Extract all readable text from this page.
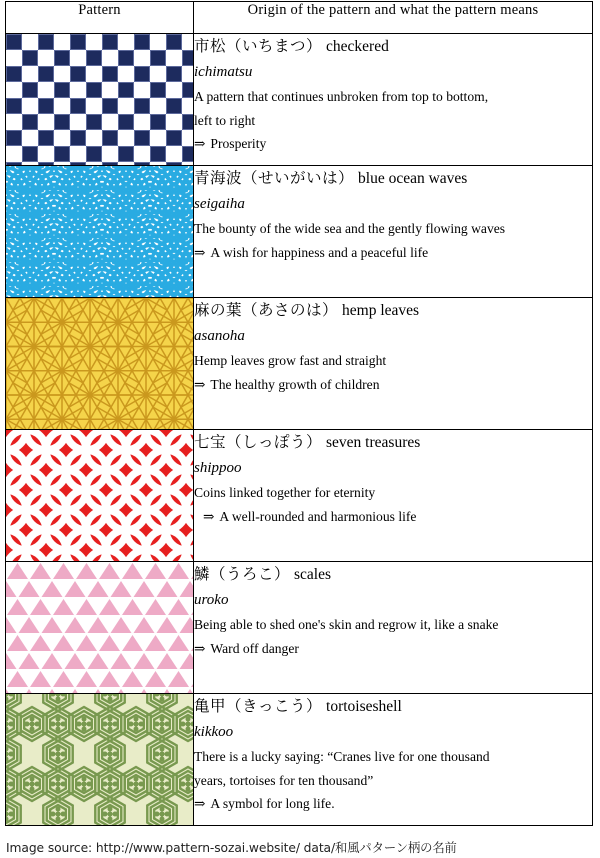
Pattern	Origin of the pattern and what the pattern means

	市松（いちまつ） checkered
ichimatsu
A pattern that continues unbroken from top to bottom,
left to right
⇒ Prosperity

	青海波（せいがいは） blue ocean waves
seigaiha
The bounty of the wide sea and the gently flowing waves
⇒ A wish for happiness and a peaceful life

	麻の葉（あさのは） hemp leaves
asanoha
Hemp leaves grow fast and straight
⇒ The healthy growth of children

	七宝（しっぽう） seven treasures
shippoo
Coins linked together for eternity
⇒ A well-rounded and harmonious life

	鱗（うろこ） scales
uroko
Being able to shed one's skin and regrow it, like a snake
⇒ Ward off danger

	亀甲（きっこう） tortoiseshell
kikkoo
There is a lucky saying: “Cranes live for one thousand
years, tortoises for ten thousand”
⇒ A symbol for long life.
Image source: http://www.pattern-sozai.website/ data/和風パターン柄の名前
